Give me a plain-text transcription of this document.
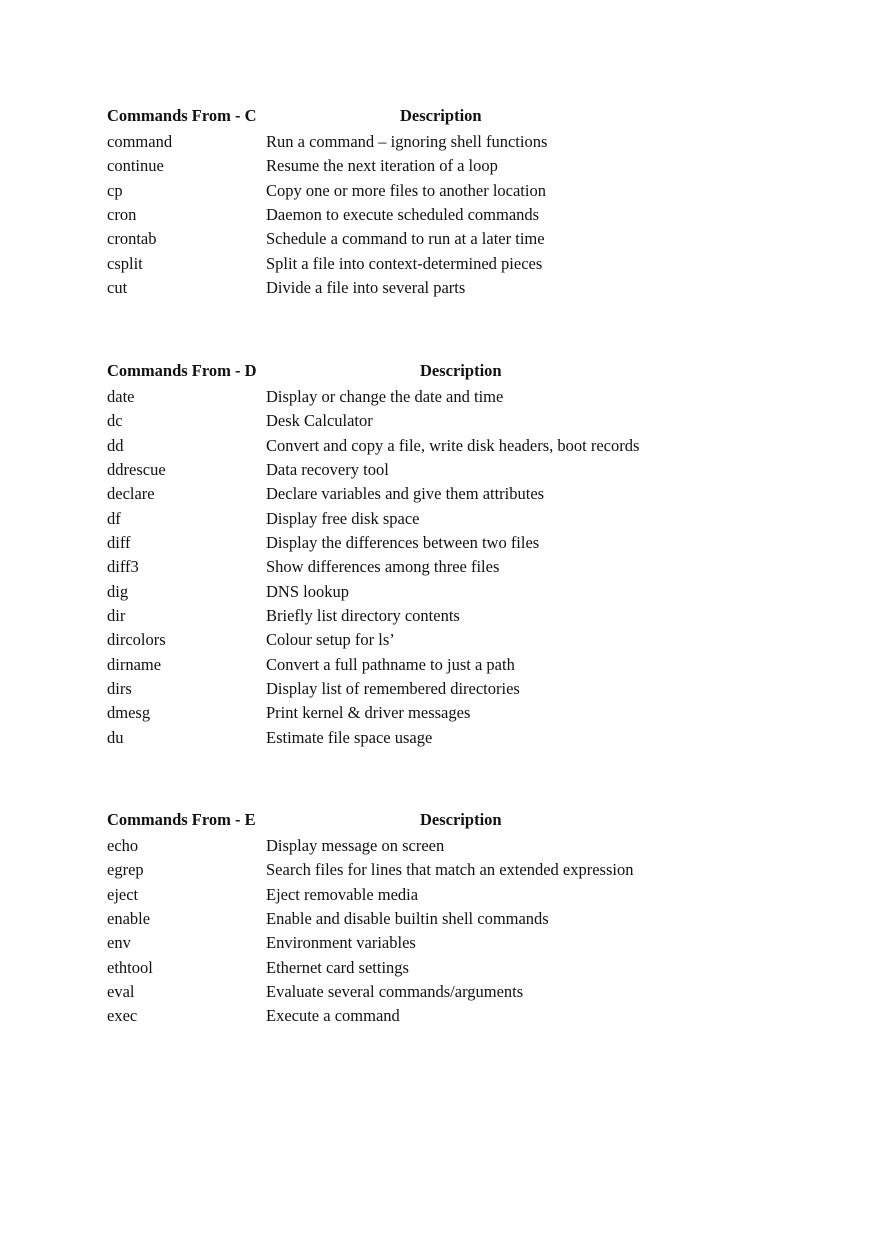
Commands From - C	Description
command	Run a command – ignoring shell functions
continue	Resume the next iteration of a loop
cp	Copy one or more files to another location
cron	Daemon to execute scheduled commands
crontab	Schedule a command to run at a later time
csplit	Split a file into context-determined pieces
cut	Divide a file into several parts
Commands From - D	Description
date	Display or change the date and time
dc	Desk Calculator
dd	Convert and copy a file, write disk headers, boot records
ddrescue	Data recovery tool
declare	Declare variables and give them attributes
df	Display free disk space
diff	Display the differences between two files
diff3	Show differences among three files
dig	DNS lookup
dir	Briefly list directory contents
dircolors	Colour setup for ls’
dirname	Convert a full pathname to just a path
dirs	Display list of remembered directories
dmesg	Print kernel & driver messages
du	Estimate file space usage
Commands From - E	Description
echo	Display message on screen
egrep	Search files for lines that match an extended expression
eject	Eject removable media
enable	Enable and disable builtin shell commands
env	Environment variables
ethtool	Ethernet card settings
eval	Evaluate several commands/arguments
exec	Execute a command
